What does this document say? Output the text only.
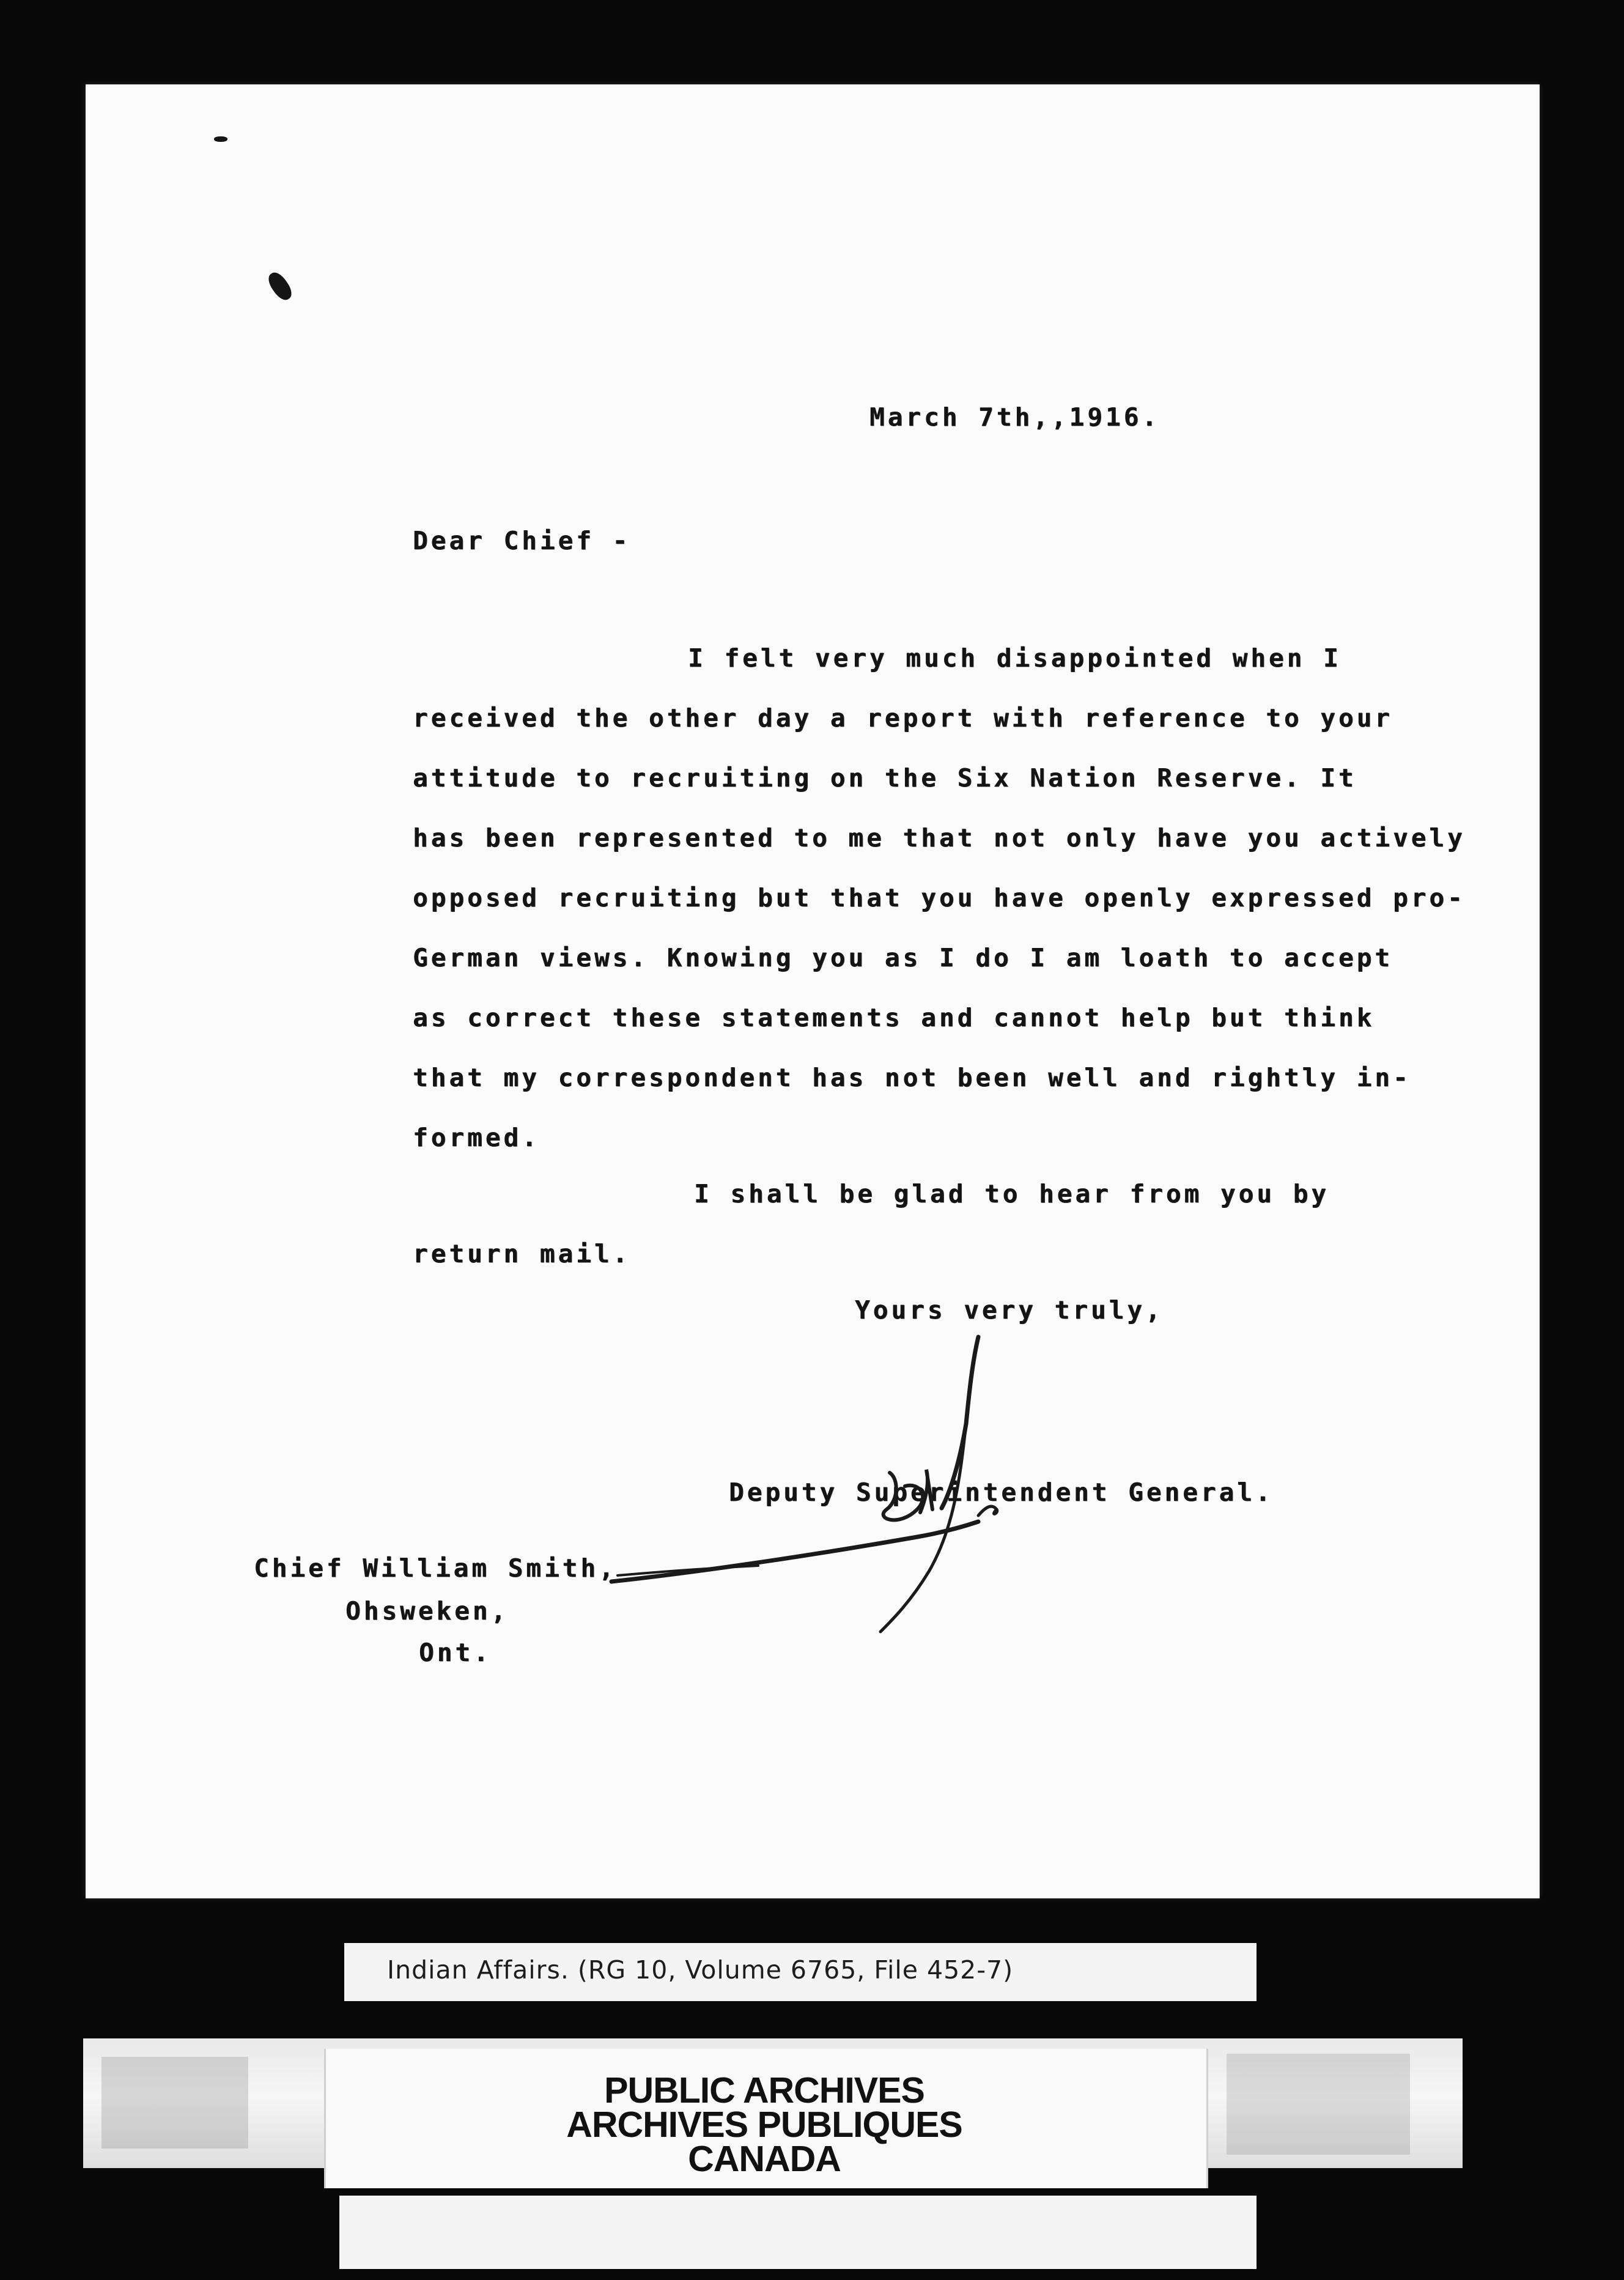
March 7th,,1916.
Dear Chief -
I felt very much disappointed when I
received the other day a report with reference to your
attitude to recruiting on the Six Nation Reserve. It
has been represented to me that not only have you actively
opposed recruiting but that you have openly expressed pro-
German views. Knowing you as I do I am loath to accept
as correct these statements and cannot help but think
that my correspondent has not been well and rightly in-
formed.
I shall be glad to hear from you by
return mail.
Yours very truly,
Deputy Superintendent General.
Chief William Smith,
Ohsweken,
Ont.
Indian Affairs. (RG 10, Volume 6765, File 452-7)
PUBLIC ARCHIVES
ARCHIVES PUBLIQUES
CANADA
